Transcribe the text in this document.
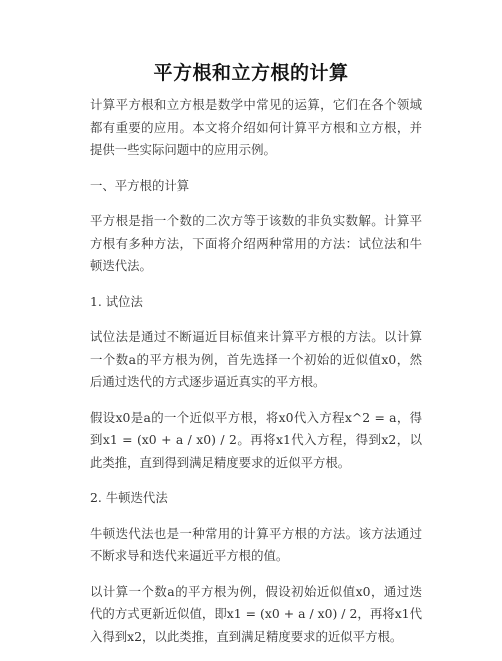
平方根和立方根的计算

计算平方根和立方根是数学中常见的运算，它们在各个领域都有重要的应用。本文将介绍如何计算平方根和立方根，并提供一些实际问题中的应用示例。

一、平方根的计算

平方根是指一个数的二次方等于该数的非负实数解。计算平方根有多种方法，下面将介绍两种常用的方法：试位法和牛顿迭代法。

1. 试位法

试位法是通过不断逼近目标值来计算平方根的方法。以计算一个数a的平方根为例，首先选择一个初始的近似值x0，然后通过迭代的方式逐步逼近真实的平方根。

假设x0是a的一个近似平方根，将x0代入方程x^2 = a，得到x1 = (x0 + a / x0) / 2。再将x1代入方程，得到x2，以此类推，直到得到满足精度要求的近似平方根。

2. 牛顿迭代法

牛顿迭代法也是一种常用的计算平方根的方法。该方法通过不断求导和迭代来逼近平方根的值。

以计算一个数a的平方根为例，假设初始近似值x0，通过迭代的方式更新近似值，即x1 = (x0 + a / x0) / 2，再将x1代入得到x2，以此类推，直到满足精度要求的近似平方根。
